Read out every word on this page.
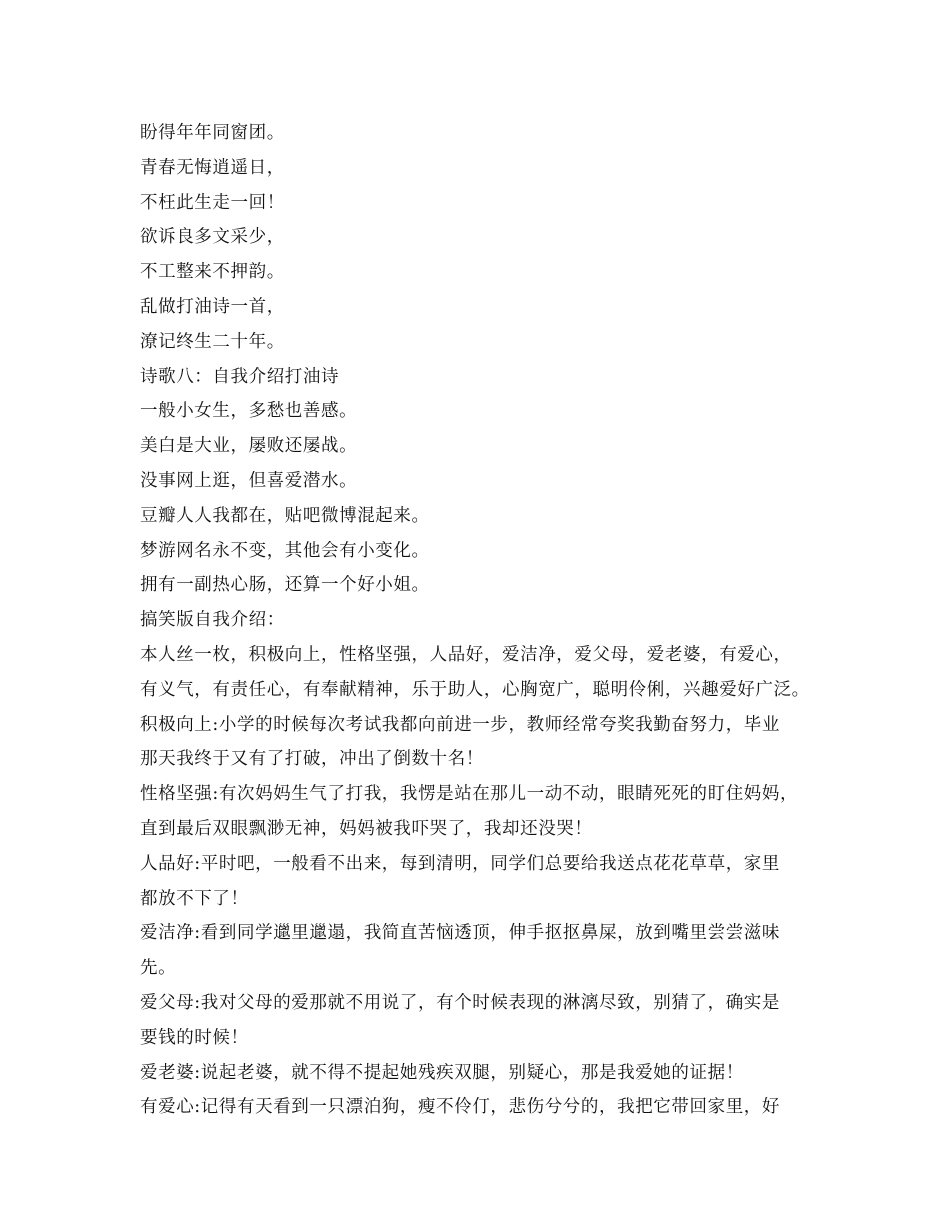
盼得年年同窗团。
青春无悔逍遥日，
不枉此生走一回！
欲诉良多文采少，
不工整来不押韵。
乱做打油诗一首，
潦记终生二十年。
诗歌八：自我介绍打油诗
一般小女生，多愁也善感。
美白是大业，屡败还屡战。
没事网上逛，但喜爱潜水。
豆瓣人人我都在，贴吧微博混起来。
梦游网名永不变，其他会有小变化。
拥有一副热心肠，还算一个好小姐。
搞笑版自我介绍：
本人丝一枚，积极向上，性格坚强，人品好，爱洁净，爱父母，爱老婆，有爱心，
有义气，有责任心，有奉献精神，乐于助人，心胸宽广，聪明伶俐，兴趣爱好广泛。
积极向上:小学的时候每次考试我都向前进一步，教师经常夸奖我勤奋努力，毕业
那天我终于又有了打破，冲出了倒数十名！
性格坚强:有次妈妈生气了打我，我愣是站在那儿一动不动，眼睛死死的盯住妈妈，
直到最后双眼飘渺无神，妈妈被我吓哭了，我却还没哭！
人品好:平时吧，一般看不出来，每到清明，同学们总要给我送点花花草草，家里
都放不下了！
爱洁净:看到同学邋里邋遢，我简直苦恼透顶，伸手抠抠鼻屎，放到嘴里尝尝滋味
先。
爱父母:我对父母的爱那就不用说了，有个时候表现的淋漓尽致，别猜了，确实是
要钱的时候！
爱老婆:说起老婆，就不得不提起她残疾双腿，别疑心，那是我爱她的证据！
有爱心:记得有天看到一只漂泊狗，瘦不伶仃，悲伤兮兮的，我把它带回家里，好
